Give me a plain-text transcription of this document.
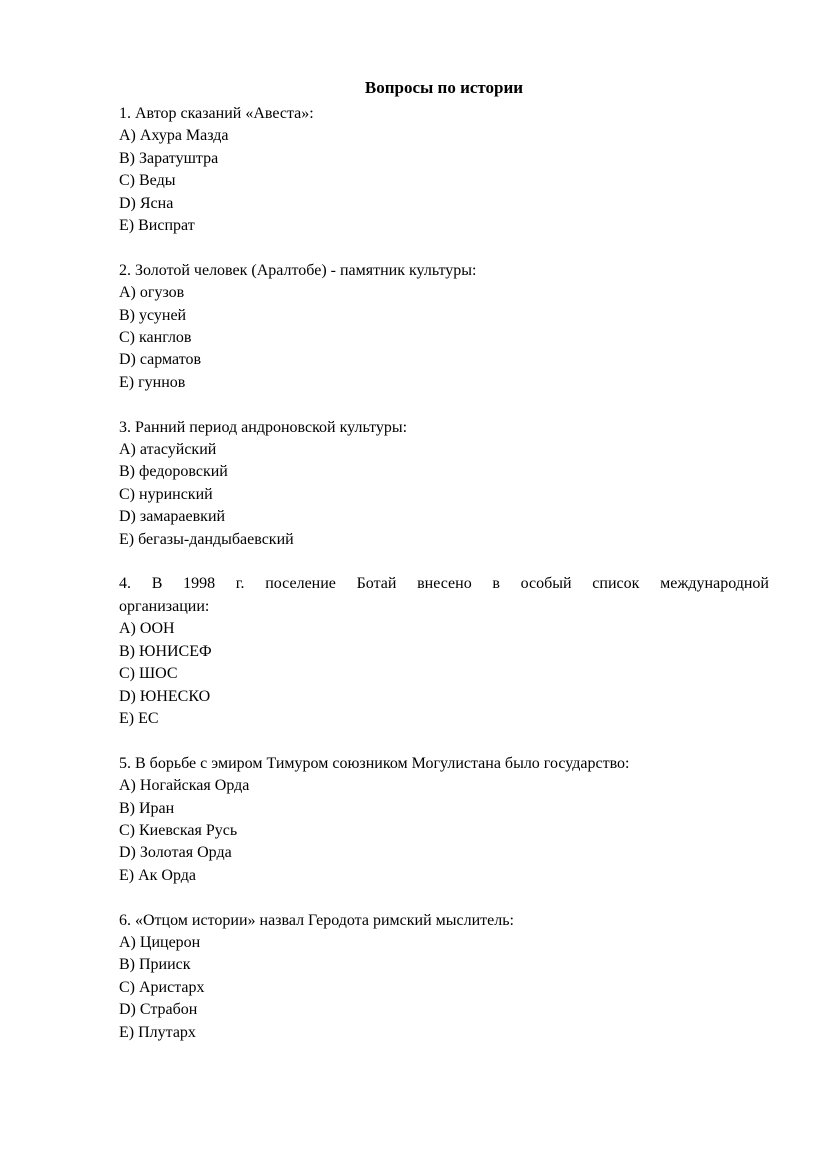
Вопросы по истории

1. Автор сказаний «Авеста»:

A) Ахура Мазда

B) Заратуштра

C) Веды

D) Ясна

E) Виспрат

2. Золотой человек (Аралтобе) - памятник культуры:

A) огузов

B) усуней

C) канглов

D) сарматов

E) гуннов

3. Ранний период андроновской культуры:

A) атасуйский

B) федоровский

C) нуринский

D) замараевкий

E) бегазы-дандыбаевский

4. В 1998 г. поселение Ботай внесено в особый список международной

организации:

A) ООН

B) ЮНИСЕФ

C) ШОС

D) ЮНЕСКО

E) ЕС

5. В борьбе с эмиром Тимуром союзником Могулистана было государство:

A) Ногайская Орда

B) Иран

C) Киевская Русь

D) Золотая Орда

E) Ак Орда

6. «Отцом истории» назвал Геродота римский мыслитель:

A) Цицерон

B) Прииск

C) Аристарх

D) Страбон

E) Плутарх
